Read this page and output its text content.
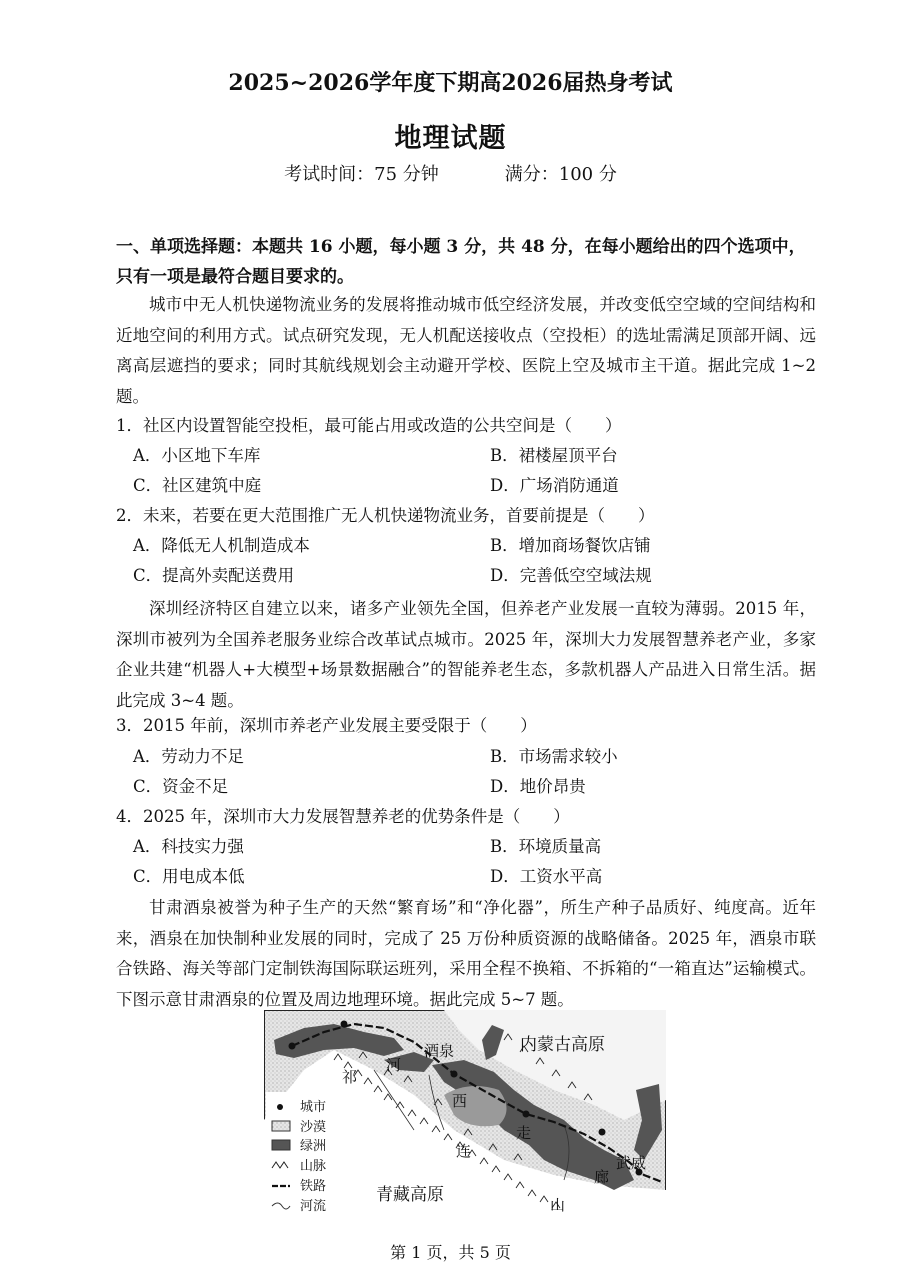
2025~2026学年度下期高2026届热身考试
地理试题
考试时间：75 分钟	满分：100 分
一、单项选择题：本题共 16 小题，每小题 3 分，共 48 分，在每小题给出的四个选项中，只有一项是最符合题目要求的。
城市中无人机快递物流业务的发展将推动城市低空经济发展，并改变低空空域的空间结构和近地空间的利用方式。试点研究发现，无人机配送接收点（空投柜）的选址需满足顶部开阔、远离高层遮挡的要求；同时其航线规划会主动避开学校、医院上空及城市主干道。据此完成 1~2 题。
1．社区内设置智能空投柜，最可能占用或改造的公共空间是（　　）
A．小区地下车库	B．裙楼屋顶平台
C．社区建筑中庭	D．广场消防通道
2．未来，若要在更大范围推广无人机快递物流业务，首要前提是（　　）
A．降低无人机制造成本	B．增加商场餐饮店铺
C．提高外卖配送费用	D．完善低空空域法规
深圳经济特区自建立以来，诸多产业领先全国，但养老产业发展一直较为薄弱。2015 年，深圳市被列为全国养老服务业综合改革试点城市。2025 年，深圳大力发展智慧养老产业，多家企业共建“机器人+大模型+场景数据融合”的智能养老生态，多款机器人产品进入日常生活。据此完成 3~4 题。
3．2015 年前，深圳市养老产业发展主要受限于（　　）
A．劳动力不足	B．市场需求较小
C．资金不足	D．地价昂贵
4．2025 年，深圳市大力发展智慧养老的优势条件是（　　）
A．科技实力强	B．环境质量高
C．用电成本低	D．工资水平高
甘肃酒泉被誉为种子生产的天然“繁育场”和“净化器”，所生产种子品质好、纯度高。近年来，酒泉在加快制种业发展的同时，完成了 25 万份种质资源的战略储备。2025 年，酒泉市联合铁路、海关等部门定制铁海国际联运班列，采用全程不换箱、不拆箱的“一箱直达”运输模式。下图示意甘肃酒泉的位置及周边地理环境。据此完成 5~7 题。
城市
沙漠
绿洲
山脉
铁路
河流
内蒙古高原
青藏高原
酒泉
武威
祁
连
山
河
西
走
廊
第 1 页，共 5 页
